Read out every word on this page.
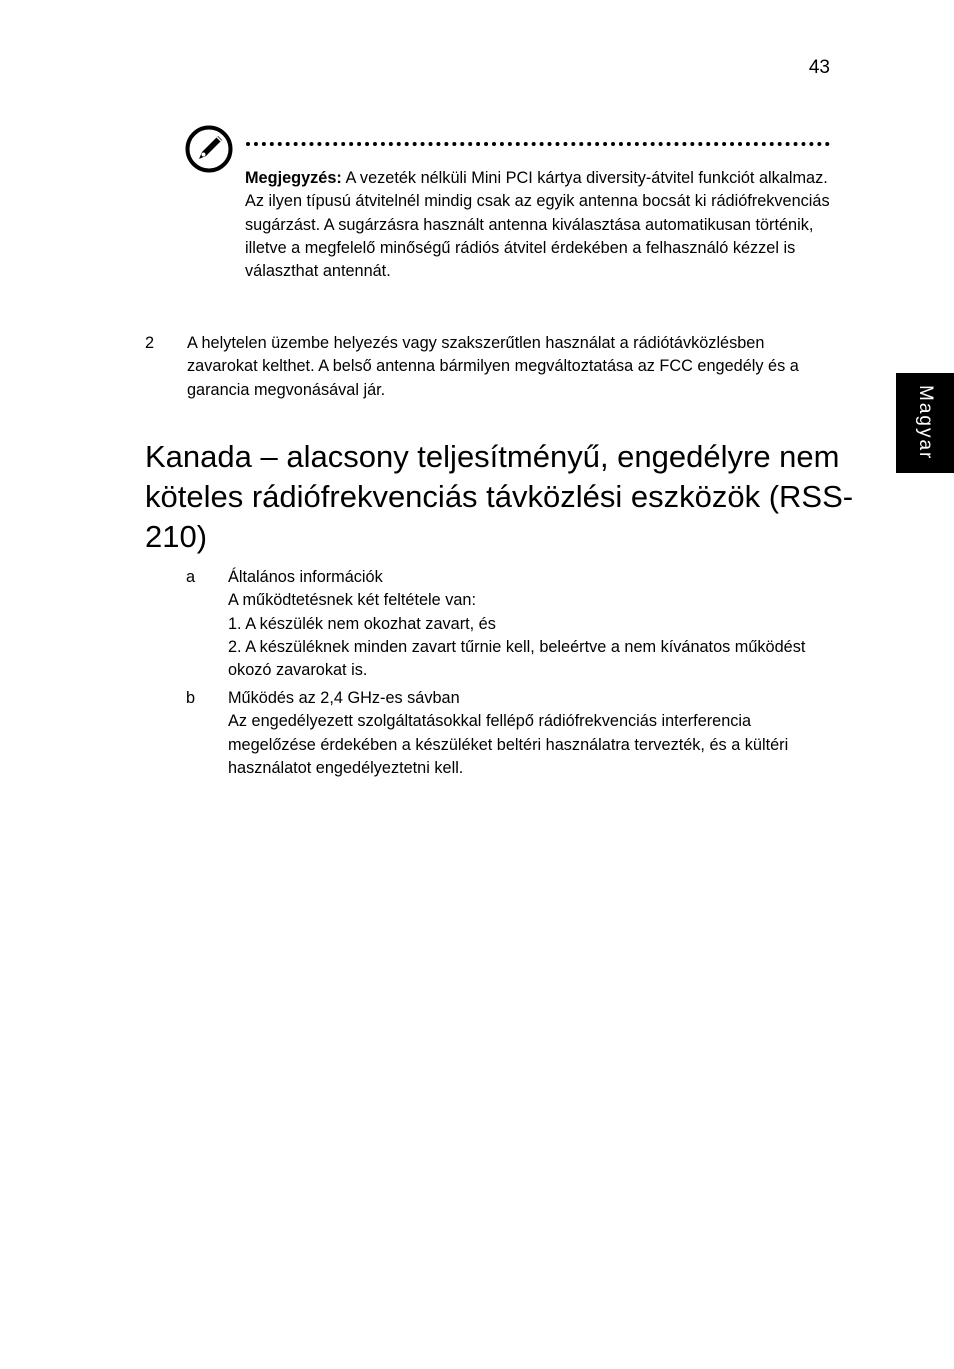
43
Magyar
Megjegyzés: A vezeték nélküli Mini PCI kártya diversity-átvitel funkciót alkalmaz. Az ilyen típusú átvitelnél mindig csak az egyik antenna bocsát ki rádiófrekvenciás sugárzást. A sugárzásra használt antenna kiválasztása automatikusan történik, illetve a megfelelő minőségű rádiós átvitel érdekében a felhasználó kézzel is választhat antennát.
2 A helytelen üzembe helyezés vagy szakszerűtlen használat a rádiótávközlésben zavarokat kelthet. A belső antenna bármilyen megváltoztatása az FCC engedély és a garancia megvonásával jár.
Kanada – alacsony teljesítményű, engedélyre nem köteles rádiófrekvenciás távközlési eszközök (RSS-210)
a Általános információk
A működtetésnek két feltétele van:
1. A készülék nem okozhat zavart, és
2. A készüléknek minden zavart tűrnie kell, beleértve a nem kívánatos működést okozó zavarokat is.
b Működés az 2,4 GHz-es sávban
Az engedélyezett szolgáltatásokkal fellépő rádiófrekvenciás interferencia megelőzése érdekében a készüléket beltéri használatra tervezték, és a kültéri használatot engedélyeztetni kell.
